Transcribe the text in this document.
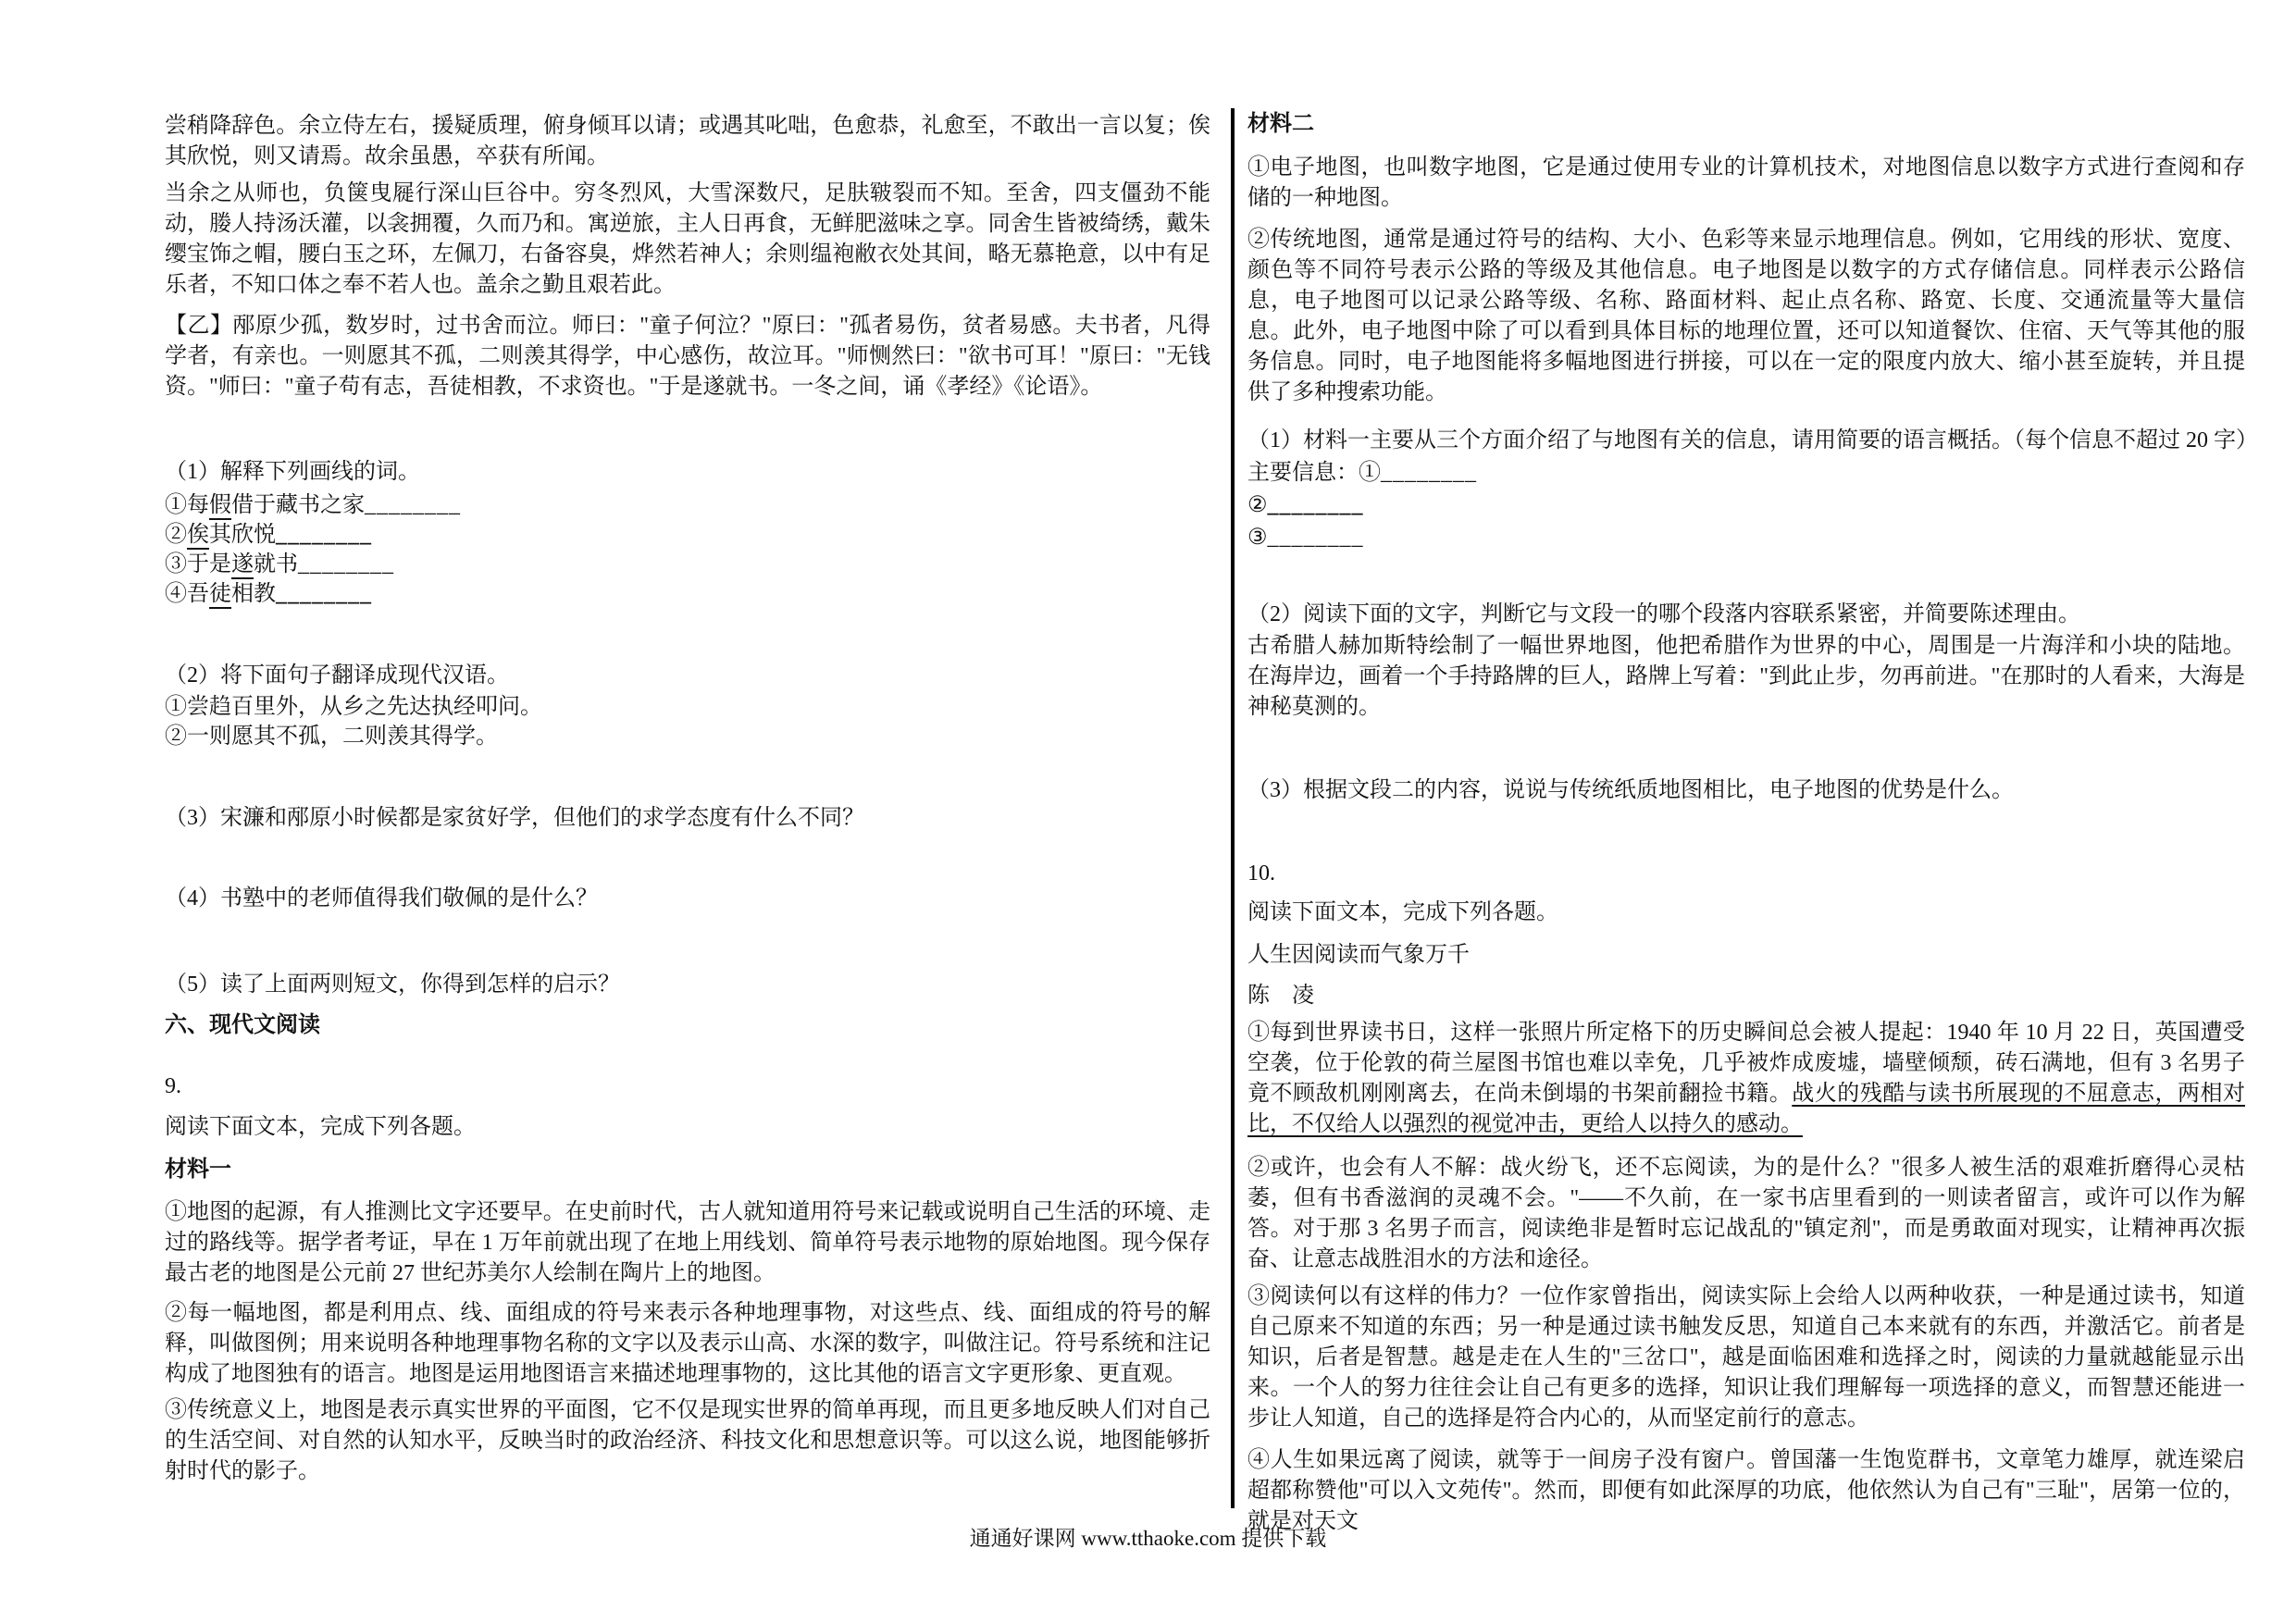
尝稍降辞色。余立侍左右，援疑质理，俯身倾耳以请；或遇其叱咄，色愈恭，礼愈至，不敢出一言以复；俟其欣悦，则又请焉。故余虽愚，卒获有所闻。
当余之从师也，负箧曳屣行深山巨谷中。穷冬烈风，大雪深数尺，足肤皲裂而不知。至舍，四支僵劲不能动，媵人持汤沃灌，以衾拥覆，久而乃和。寓逆旅，主人日再食，无鲜肥滋味之享。同舍生皆被绮绣，戴朱缨宝饰之帽，腰白玉之环，左佩刀，右备容臭，烨然若神人；余则缊袍敝衣处其间，略无慕艳意，以中有足乐者，不知口体之奉不若人也。盖余之勤且艰若此。
【乙】邴原少孤，数岁时，过书舍而泣。师曰："童子何泣？"原曰："孤者易伤，贫者易感。夫书者，凡得学者，有亲也。一则愿其不孤，二则羡其得学，中心感伤，故泣耳。"师恻然曰："欲书可耳！"原曰："无钱资。"师曰："童子苟有志，吾徒相教，不求资也。"于是遂就书。一冬之间，诵《孝经》《论语》。
（1）解释下列画线的词。
①每假借于藏书之家________
②俟其欣悦________
③于是遂就书________
④吾徒相教________
（2）将下面句子翻译成现代汉语。
①尝趋百里外，从乡之先达执经叩问。
②一则愿其不孤，二则羡其得学。
（3）宋濂和邴原小时候都是家贫好学，但他们的求学态度有什么不同？
（4）书塾中的老师值得我们敬佩的是什么？
（5）读了上面两则短文，你得到怎样的启示？
六、现代文阅读
9.
阅读下面文本，完成下列各题。
材料一
①地图的起源，有人推测比文字还要早。在史前时代，古人就知道用符号来记载或说明自己生活的环境、走过的路线等。据学者考证，早在 1 万年前就出现了在地上用线划、简单符号表示地物的原始地图。现今保存最古老的地图是公元前 27 世纪苏美尔人绘制在陶片上的地图。
②每一幅地图，都是利用点、线、面组成的符号来表示各种地理事物，对这些点、线、面组成的符号的解释，叫做图例；用来说明各种地理事物名称的文字以及表示山高、水深的数字，叫做注记。符号系统和注记构成了地图独有的语言。地图是运用地图语言来描述地理事物的，这比其他的语言文字更形象、更直观。
③传统意义上，地图是表示真实世界的平面图，它不仅是现实世界的简单再现，而且更多地反映人们对自己的生活空间、对自然的认知水平，反映当时的政治经济、科技文化和思想意识等。可以这么说，地图能够折射时代的影子。
材料二
①电子地图，也叫数字地图，它是通过使用专业的计算机技术，对地图信息以数字方式进行查阅和存储的一种地图。
②传统地图，通常是通过符号的结构、大小、色彩等来显示地理信息。例如，它用线的形状、宽度、颜色等不同符号表示公路的等级及其他信息。电子地图是以数字的方式存储信息。同样表示公路信息，电子地图可以记录公路等级、名称、路面材料、起止点名称、路宽、长度、交通流量等大量信息。此外，电子地图中除了可以看到具体目标的地理位置，还可以知道餐饮、住宿、天气等其他的服务信息。同时，电子地图能将多幅地图进行拼接，可以在一定的限度内放大、缩小甚至旋转，并且提供了多种搜索功能。
（1）材料一主要从三个方面介绍了与地图有关的信息，请用简要的语言概括。（每个信息不超过 20 字）
主要信息：①________
②________
③________
（2）阅读下面的文字，判断它与文段一的哪个段落内容联系紧密，并简要陈述理由。
古希腊人赫加斯特绘制了一幅世界地图，他把希腊作为世界的中心，周围是一片海洋和小块的陆地。在海岸边，画着一个手持路牌的巨人，路牌上写着："到此止步，勿再前进。"在那时的人看来，大海是神秘莫测的。
（3）根据文段二的内容，说说与传统纸质地图相比，电子地图的优势是什么。
10.
阅读下面文本，完成下列各题。
人生因阅读而气象万千
陈　凌
①每到世界读书日，这样一张照片所定格下的历史瞬间总会被人提起：1940 年 10 月 22 日，英国遭受空袭，位于伦敦的荷兰屋图书馆也难以幸免，几乎被炸成废墟，墙壁倾颓，砖石满地，但有 3 名男子竟不顾敌机刚刚离去，在尚未倒塌的书架前翻捡书籍。战火的残酷与读书所展现的不屈意志，两相对比，不仅给人以强烈的视觉冲击，更给人以持久的感动。
②或许，也会有人不解：战火纷飞，还不忘阅读，为的是什么？"很多人被生活的艰难折磨得心灵枯萎，但有书香滋润的灵魂不会。"——不久前，在一家书店里看到的一则读者留言，或许可以作为解答。对于那 3 名男子而言，阅读绝非是暂时忘记战乱的"镇定剂"，而是勇敢面对现实，让精神再次振奋、让意志战胜泪水的方法和途径。
③阅读何以有这样的伟力？一位作家曾指出，阅读实际上会给人以两种收获，一种是通过读书，知道自己原来不知道的东西；另一种是通过读书触发反思，知道自己本来就有的东西，并激活它。前者是知识，后者是智慧。越是走在人生的"三岔口"，越是面临困难和选择之时，阅读的力量就越能显示出来。一个人的努力往往会让自己有更多的选择，知识让我们理解每一项选择的意义，而智慧还能进一步让人知道，自己的选择是符合内心的，从而坚定前行的意志。
④人生如果远离了阅读，就等于一间房子没有窗户。曾国藩一生饱览群书，文章笔力雄厚，就连梁启超都称赞他"可以入文苑传"。然而，即便有如此深厚的功底，他依然认为自己有"三耻"，居第一位的，就是对天文
通通好课网 www.tthaoke.com 提供下载
